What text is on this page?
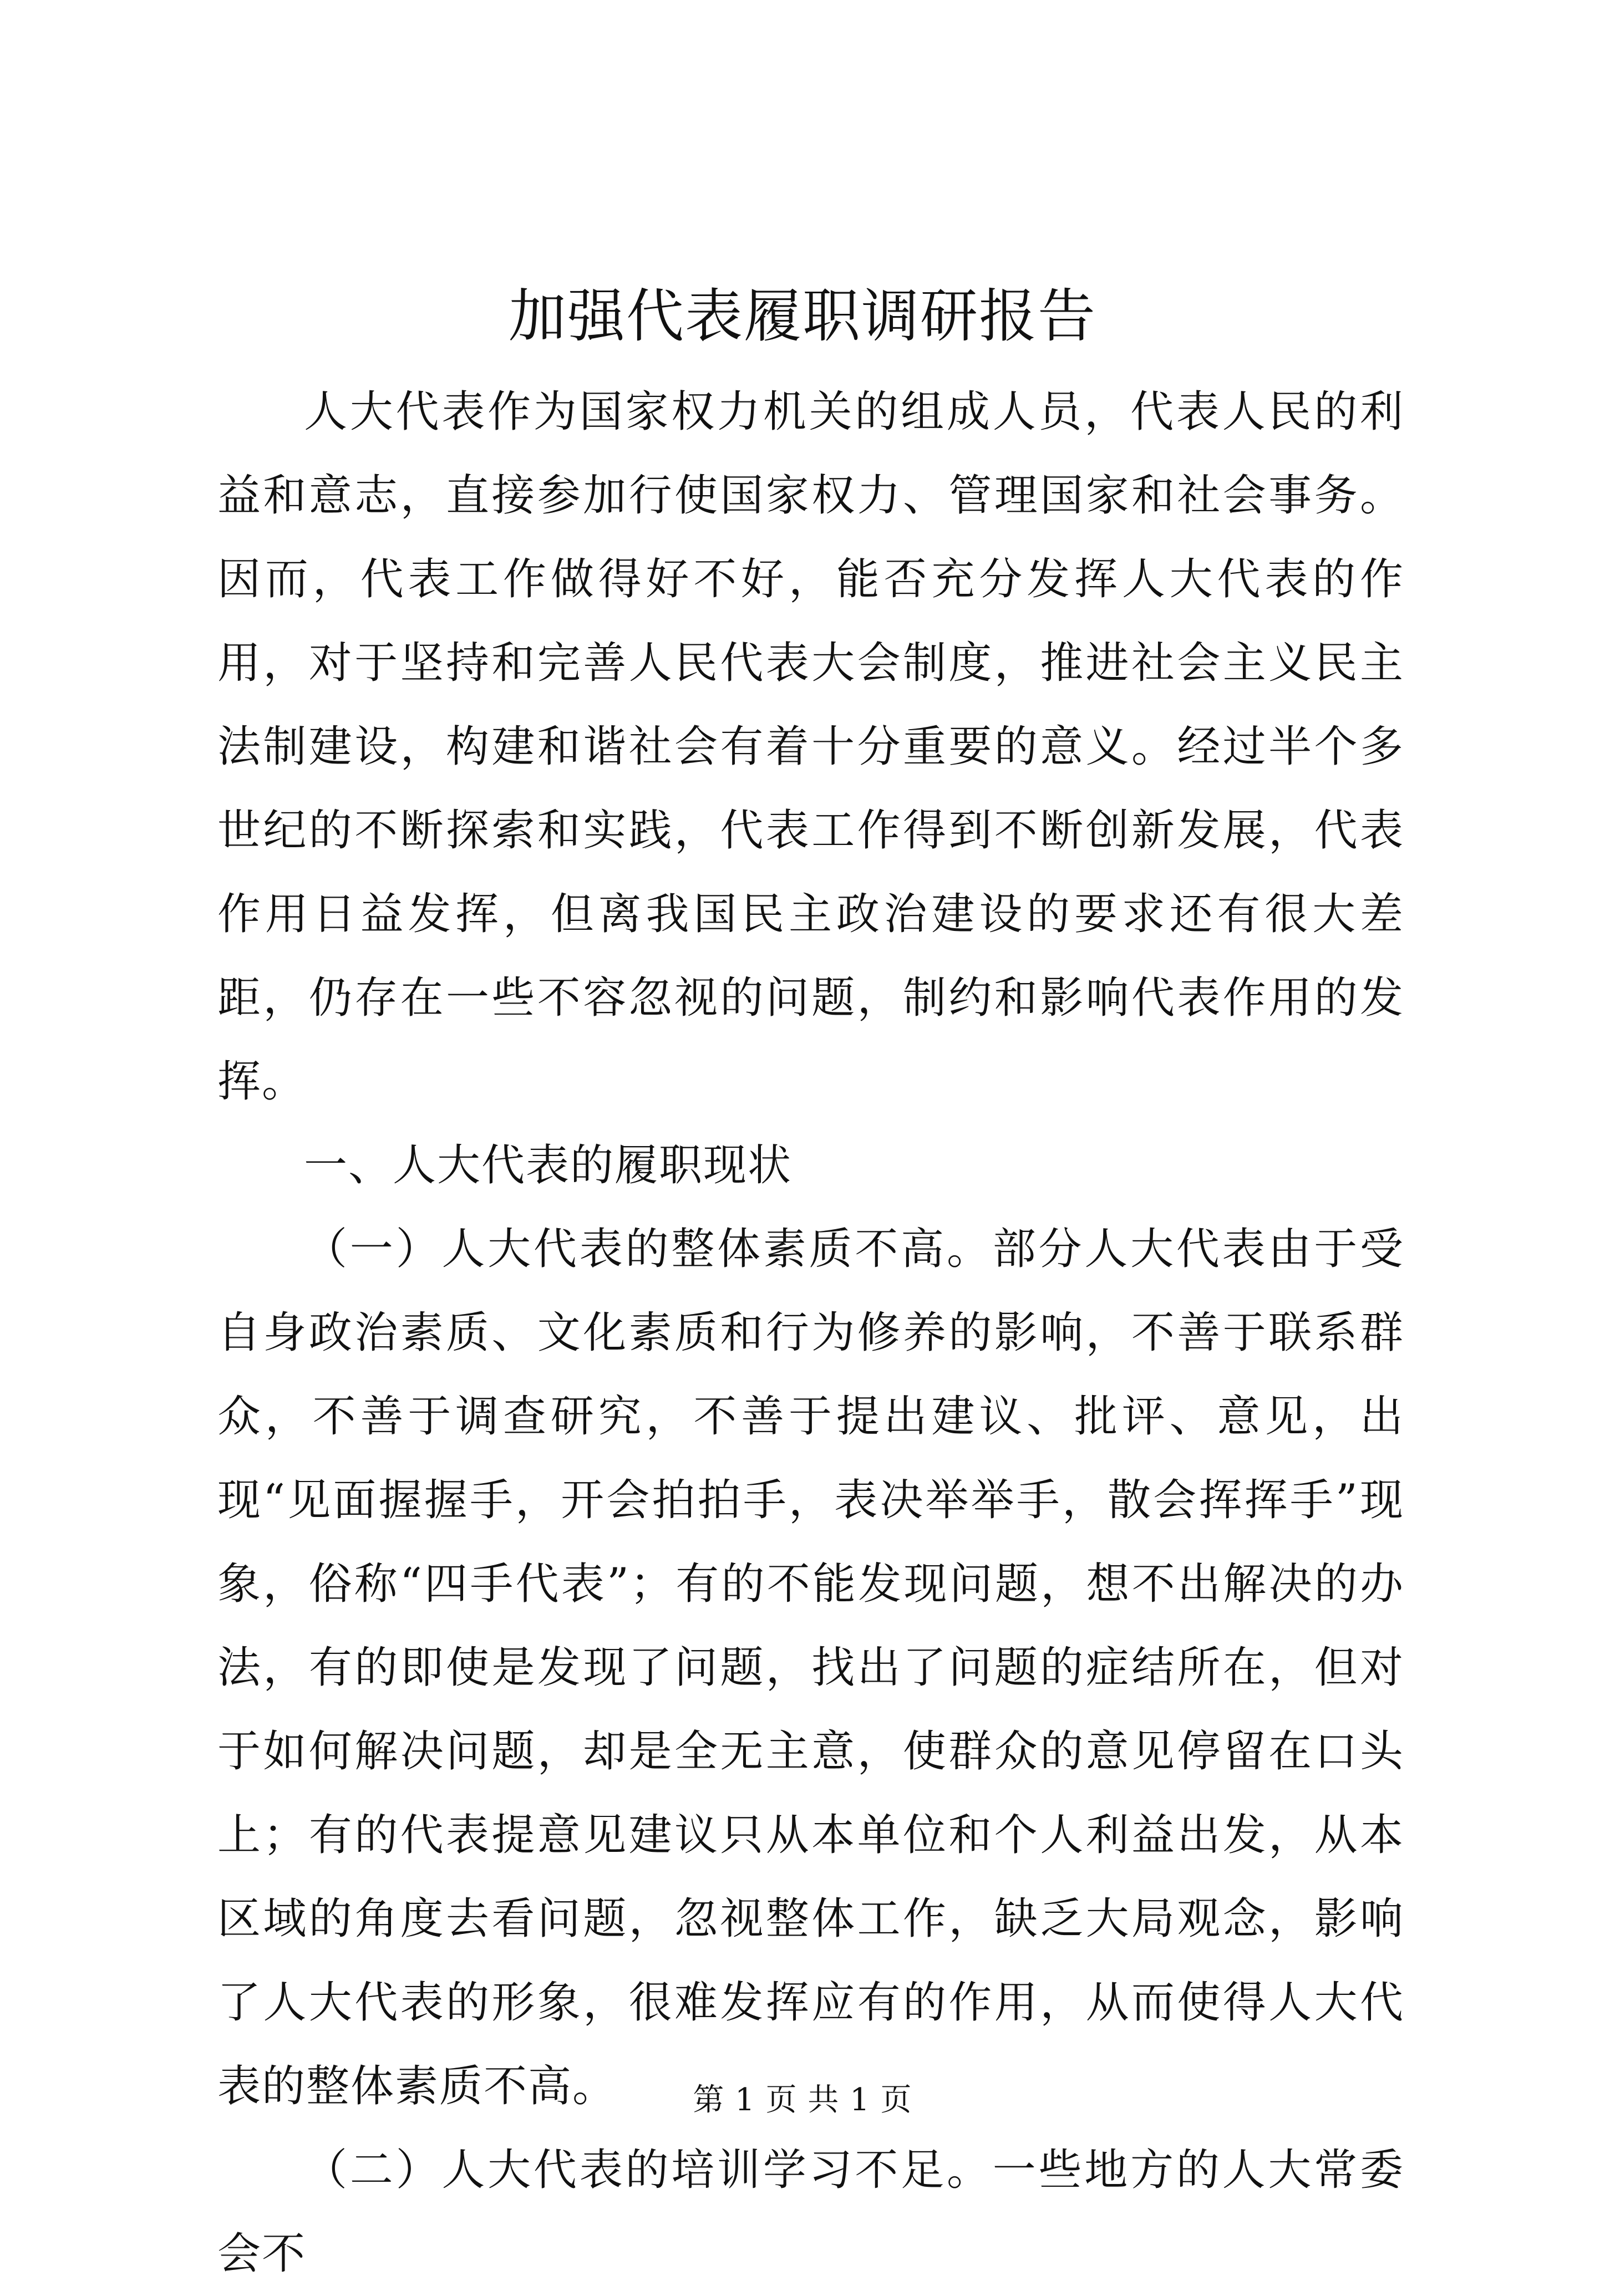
加强代表履职调研报告

人大代表作为国家权力机关的组成人员，代表人民的利益和意志，直接参加行使国家权力、管理国家和社会事务。因而，代表工作做得好不好，能否充分发挥人大代表的作用，对于坚持和完善人民代表大会制度，推进社会主义民主法制建设，构建和谐社会有着十分重要的意义。经过半个多世纪的不断探索和实践，代表工作得到不断创新发展，代表作用日益发挥，但离我国民主政治建设的要求还有很大差距，仍存在一些不容忽视的问题，制约和影响代表作用的发挥。

一、人大代表的履职现状

（一）人大代表的整体素质不高。部分人大代表由于受自身政治素质、文化素质和行为修养的影响，不善于联系群众，不善于调查研究，不善于提出建议、批评、意见，出现“见面握握手，开会拍拍手，表决举举手，散会挥挥手”现象，俗称“四手代表”；有的不能发现问题，想不出解决的办法，有的即使是发现了问题，找出了问题的症结所在，但对于如何解决问题，却是全无主意，使群众的意见停留在口头上；有的代表提意见建议只从本单位和个人利益出发，从本区域的角度去看问题，忽视整体工作，缺乏大局观念，影响了人大代表的形象，很难发挥应有的作用，从而使得人大代表的整体素质不高。

（二）人大代表的培训学习不足。一些地方的人大常委会不

第 1 页 共 1 页
